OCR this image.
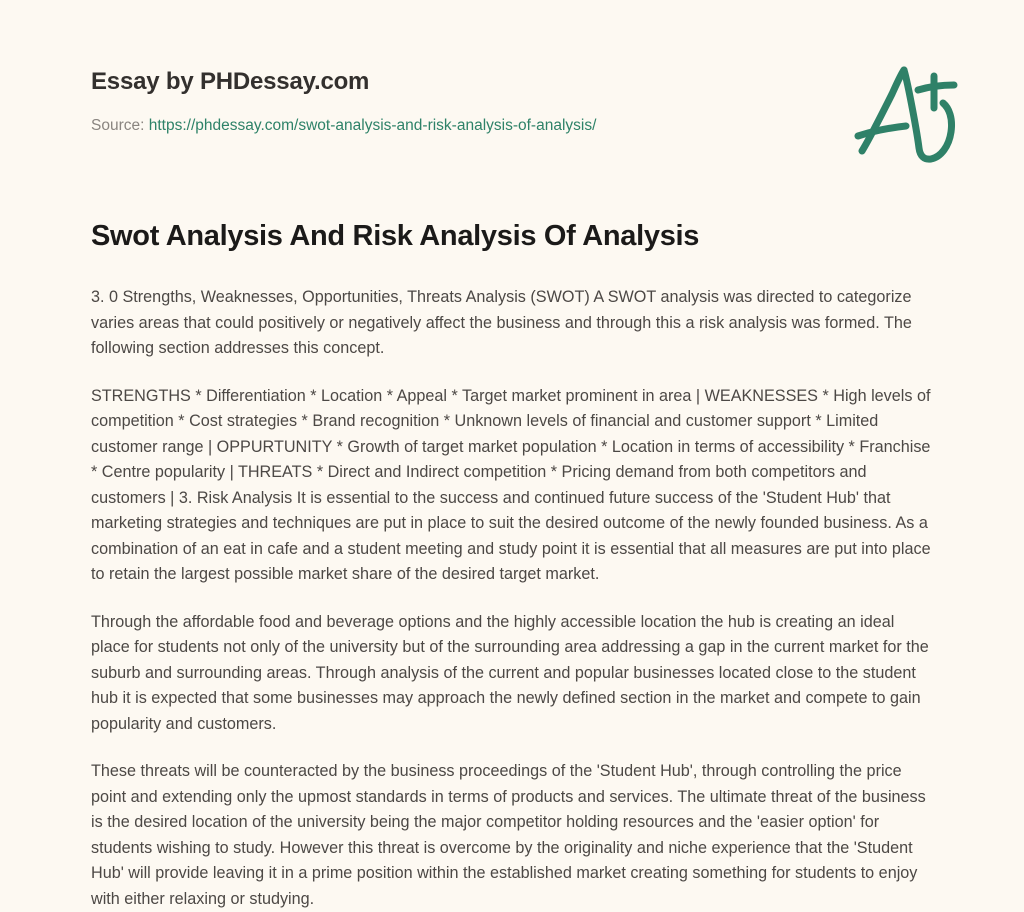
Essay by PHDessay.com
Source: https://phdessay.com/swot-analysis-and-risk-analysis-of-analysis/
Swot Analysis And Risk Analysis Of Analysis

3. 0 Strengths, Weaknesses, Opportunities, Threats Analysis (SWOT) A SWOT analysis was directed to categorize varies areas that could positively or negatively affect the business and through this a risk analysis was formed. The following section addresses this concept.

STRENGTHS * Differentiation * Location * Appeal * Target market prominent in area | WEAKNESSES * High levels of competition * Cost strategies * Brand recognition * Unknown levels of financial and customer support * Limited customer range | OPPURTUNITY * Growth of target market population * Location in terms of accessibility * Franchise * Centre popularity | THREATS * Direct and Indirect competition * Pricing demand from both competitors and customers | 3. Risk Analysis It is essential to the success and continued future success of the 'Student Hub' that marketing strategies and techniques are put in place to suit the desired outcome of the newly founded business. As a combination of an eat in cafe and a student meeting and study point it is essential that all measures are put into place to retain the largest possible market share of the desired target market.

Through the affordable food and beverage options and the highly accessible location the hub is creating an ideal place for students not only of the university but of the surrounding area addressing a gap in the current market for the suburb and surrounding areas. Through analysis of the current and popular businesses located close to the student hub it is expected that some businesses may approach the newly defined section in the market and compete to gain popularity and customers.

These threats will be counteracted by the business proceedings of the 'Student Hub', through controlling the price point and extending only the upmost standards in terms of products and services. The ultimate threat of the business is the desired location of the university being the major competitor holding resources and the 'easier option' for students wishing to study. However this threat is overcome by the originality and niche experience that the 'Student Hub' will provide leaving it in a prime position within the established market creating something for students to enjoy with either relaxing or studying.
